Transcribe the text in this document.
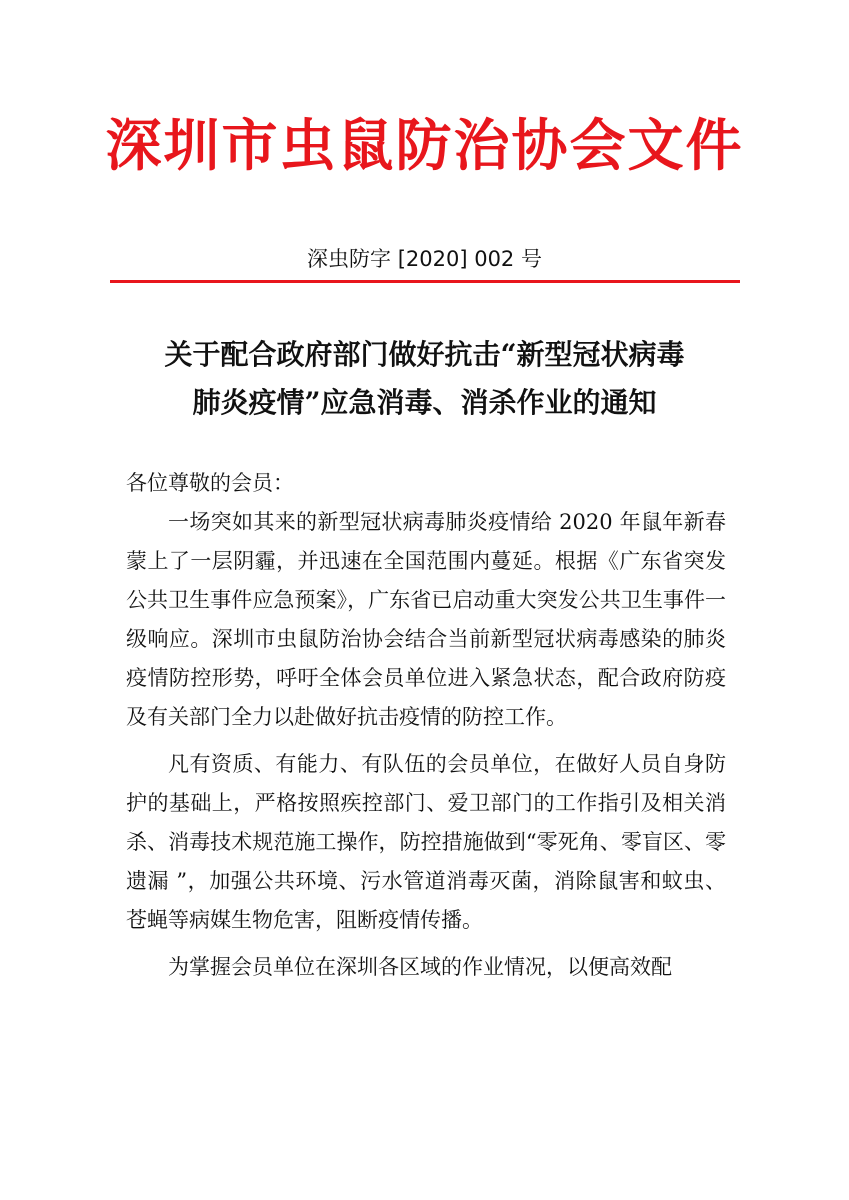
深圳市虫鼠防治协会文件
深虫防字 [2020] 002 号
关于配合政府部门做好抗击“新型冠状病毒
肺炎疫情”应急消毒、消杀作业的通知

各位尊敬的会员：

一场突如其来的新型冠状病毒肺炎疫情给 2020 年鼠年新春蒙上了一层阴霾，并迅速在全国范围内蔓延。根据《广东省突发公共卫生事件应急预案》，广东省已启动重大突发公共卫生事件一级响应。深圳市虫鼠防治协会结合当前新型冠状病毒感染的肺炎疫情防控形势，呼吁全体会员单位进入紧急状态，配合政府防疫及有关部门全力以赴做好抗击疫情的防控工作。

凡有资质、有能力、有队伍的会员单位，在做好人员自身防护的基础上，严格按照疾控部门、爱卫部门的工作指引及相关消杀、消毒技术规范施工操作，防控措施做到“零死角、零盲区、零遗漏 ”，加强公共环境、污水管道消毒灭菌，消除鼠害和蚊虫、苍蝇等病媒生物危害，阻断疫情传播。

为掌握会员单位在深圳各区域的作业情况，以便高效配
